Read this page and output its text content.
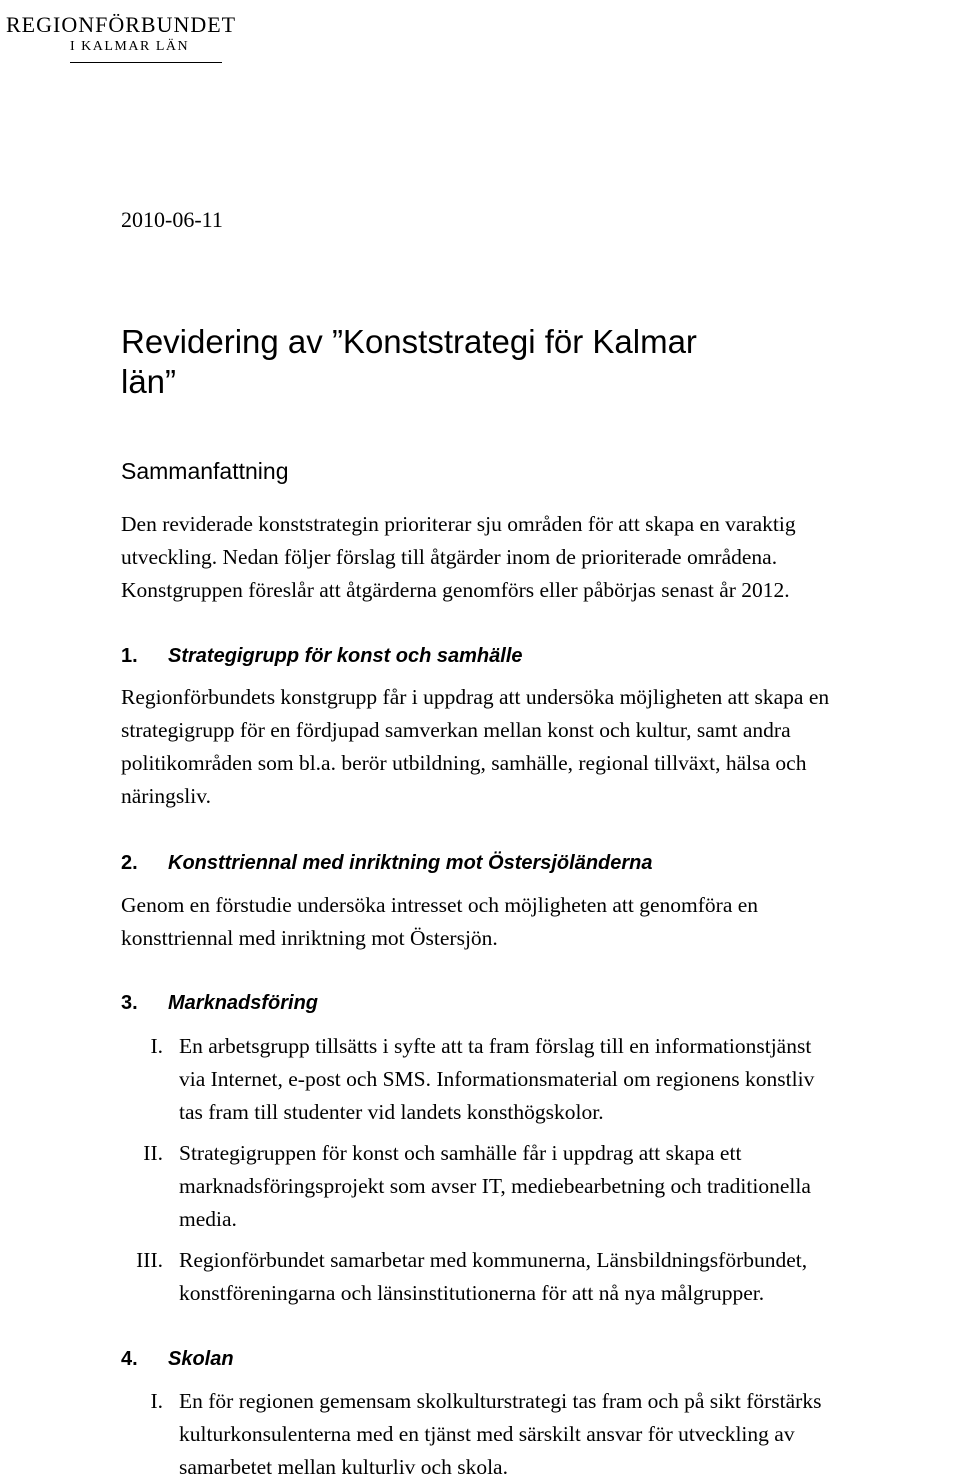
REGIONFÖRBUNDET
I KALMAR LÄN
2010-06-11
Revidering av ”Konststrategi för Kalmar
län”
Sammanfattning

Den reviderade konststrategin prioriterar sju områden för att skapa en varaktig
utveckling. Nedan följer förslag till åtgärder inom de prioriterade områdena.
Konstgruppen föreslår att åtgärderna genomförs eller påbörjas senast år 2012.

1. Strategigrupp för konst och samhälle

Regionförbundets konstgrupp får i uppdrag att undersöka möjligheten att skapa en
strategigrupp för en fördjupad samverkan mellan konst och kultur, samt andra
politikområden som bl.a. berör utbildning, samhälle, regional tillväxt, hälsa och
näringsliv.

2. Konsttriennal med inriktning mot Östersjöländerna

Genom en förstudie undersöka intresset och möjligheten att genomföra en
konsttriennal med inriktning mot Östersjön.

3. Marknadsföring
I. En arbetsgrupp tillsätts i syfte att ta fram förslag till en informationstjänst
via Internet, e-post och SMS. Informationsmaterial om regionens konstliv
tas fram till studenter vid landets konsthögskolor.
II. Strategigruppen för konst och samhälle får i uppdrag att skapa ett
marknadsföringsprojekt som avser IT, mediebearbetning och traditionella
media.
III. Regionförbundet samarbetar med kommunerna, Länsbildningsförbundet,
konstföreningarna och länsinstitutionerna för att nå nya målgrupper.
4. Skolan
I. En för regionen gemensam skolkulturstrategi tas fram och på sikt förstärks
kulturkonsulenterna med en tjänst med särskilt ansvar för utveckling av
samarbetet mellan kulturliv och skola.
